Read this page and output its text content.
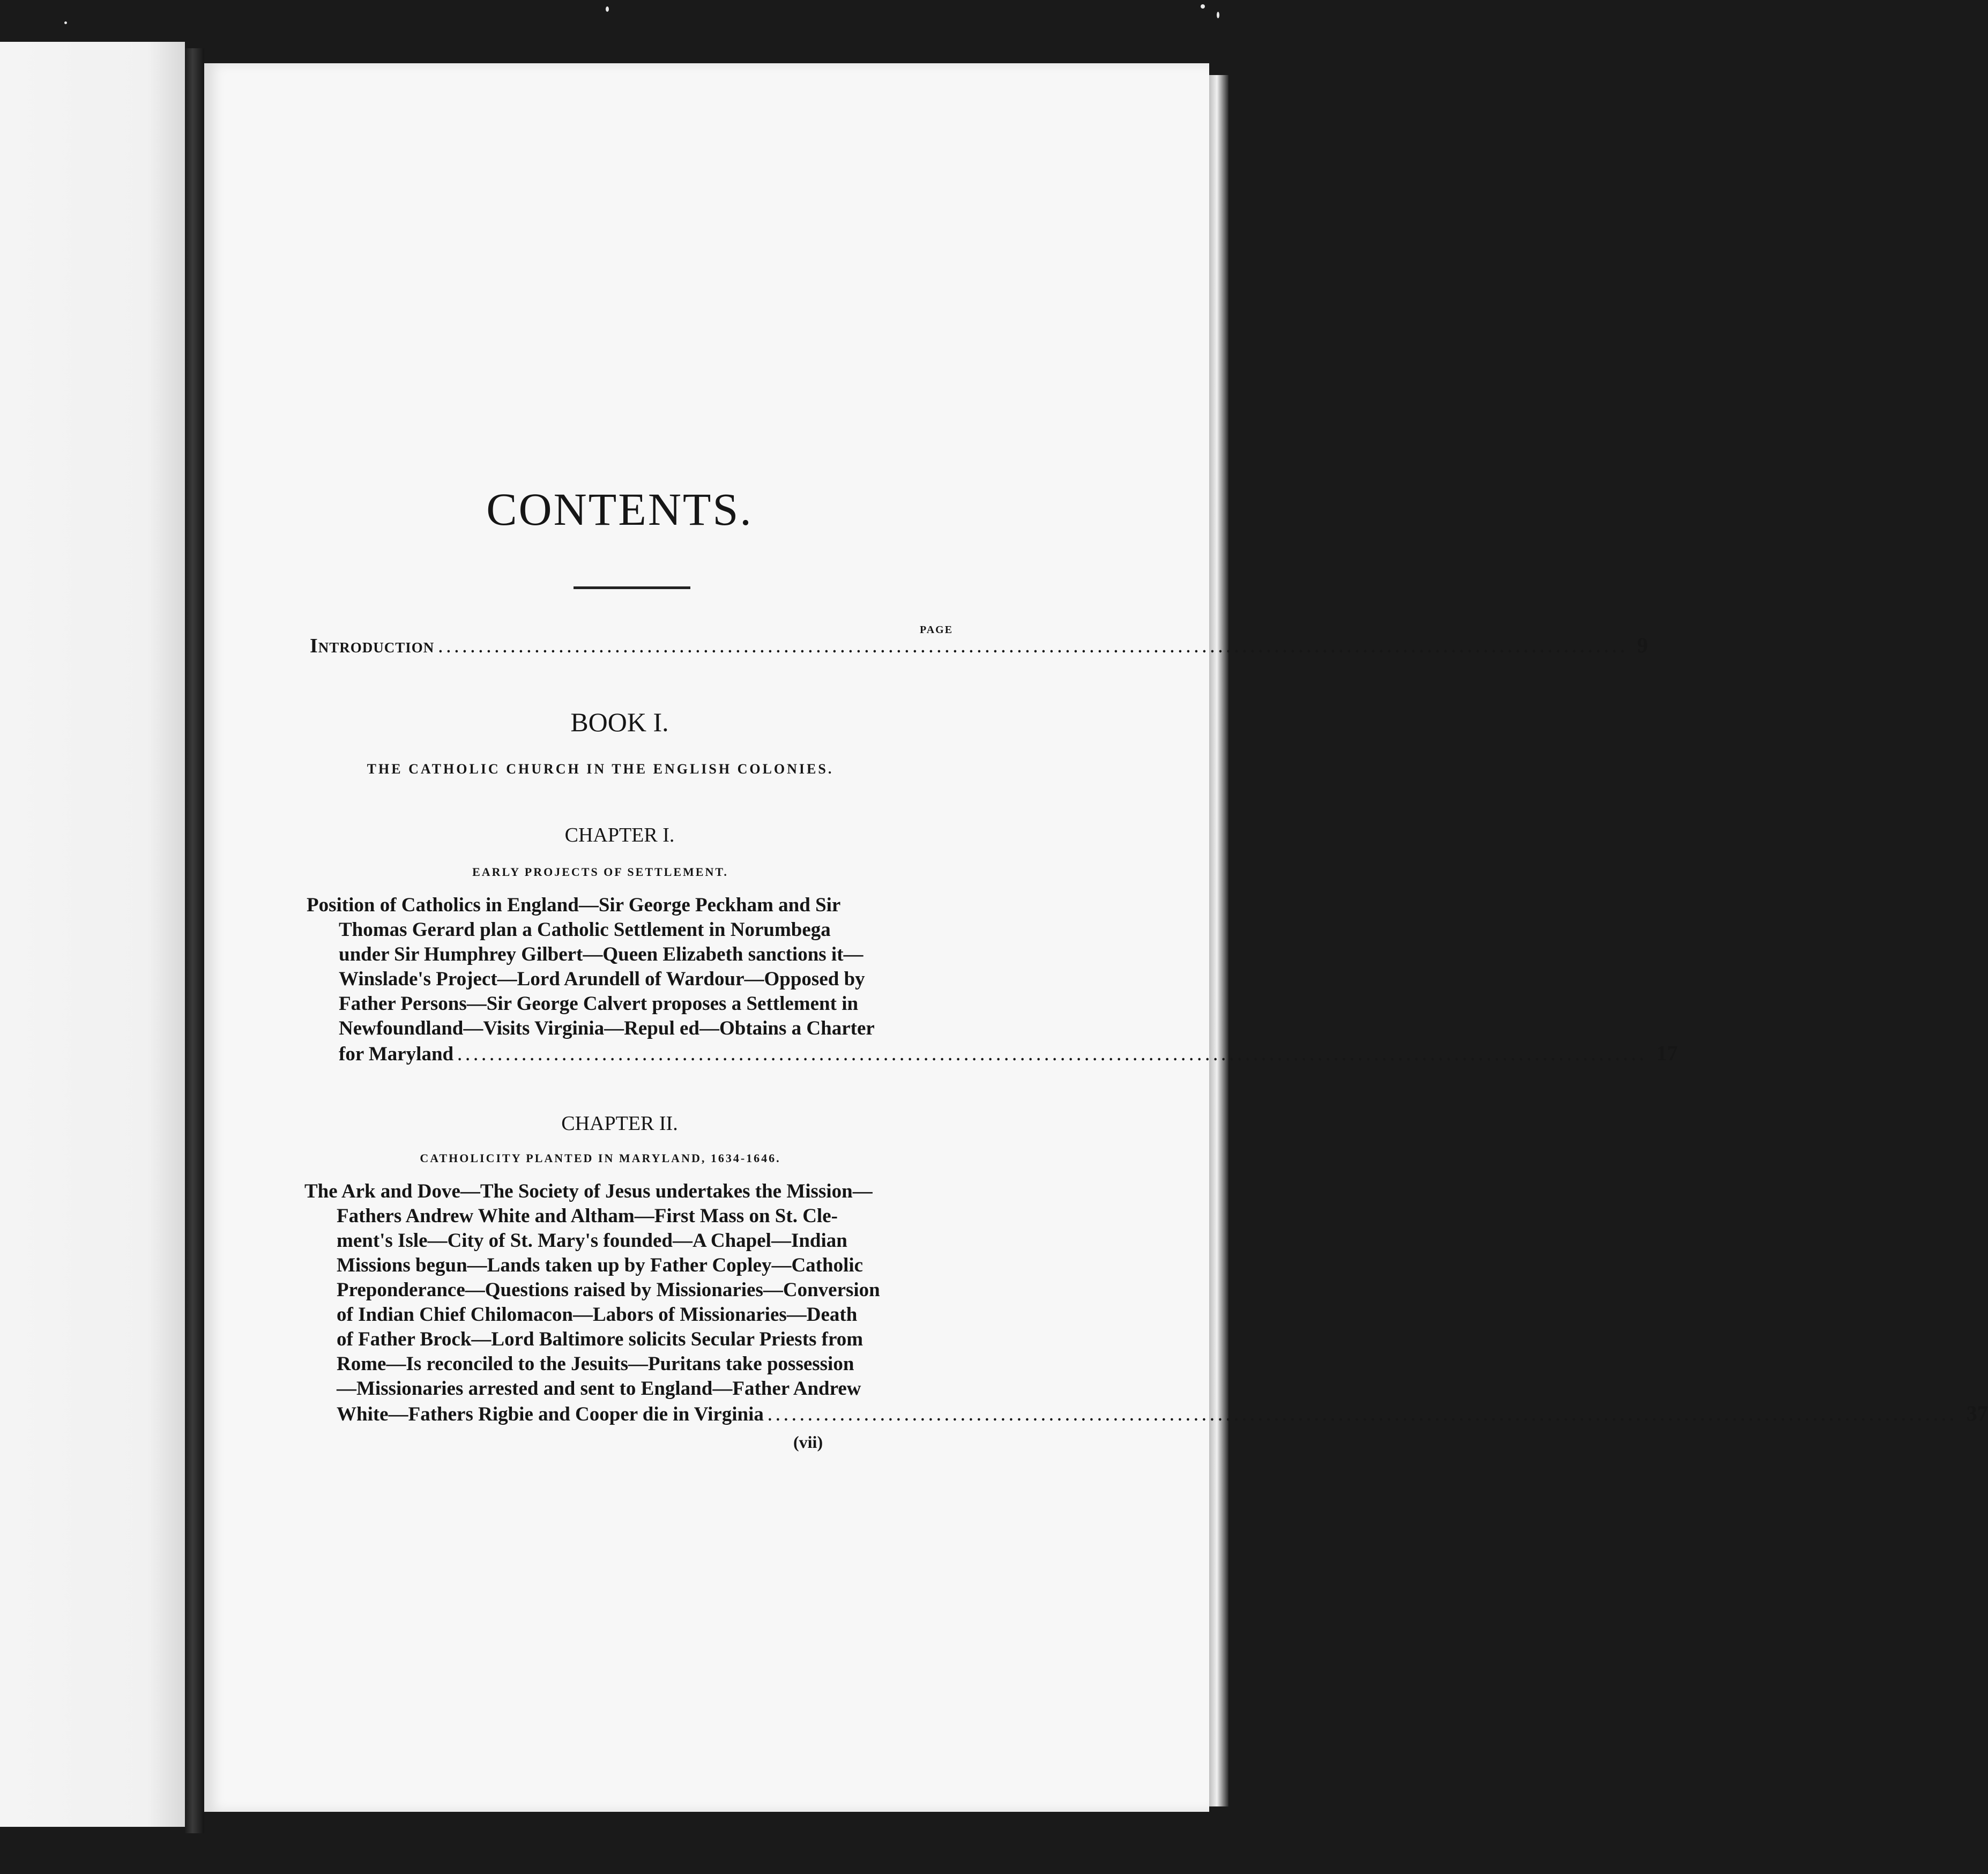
CONTENTS.
PAGE
Introduction .................................................................................................................................................... 9
BOOK I.
THE CATHOLIC CHURCH IN THE ENGLISH COLONIES.
CHAPTER I.
EARLY PROJECTS OF SETTLEMENT.
Position of Catholics in England—Sir George Peckham and Sir
Thomas Gerard plan a Catholic Settlement in Norumbega
under Sir Humphrey Gilbert—Queen Elizabeth sanctions it—
Winslade's Project—Lord Arundell of Wardour—Opposed by
Father Persons—Sir George Calvert proposes a Settlement in
Newfoundland—Visits Virginia—Repul ed—Obtains a Charter
for Maryland .................................................................................................................................................... 17
CHAPTER II.
CATHOLICITY PLANTED IN MARYLAND, 1634-1646.
The Ark and Dove—The Society of Jesus undertakes the Mission—
Fathers Andrew White and Altham—First Mass on St. Cle-
ment's Isle—City of St. Mary's founded—A Chapel—Indian
Missions begun—Lands taken up by Father Copley—Catholic
Preponderance—Questions raised by Missionaries—Conversion
of Indian Chief Chilomacon—Labors of Missionaries—Death
of Father Brock—Lord Baltimore solicits Secular Priests from
Rome—Is reconciled to the Jesuits—Puritans take possession
—Missionaries arrested and sent to England—Father Andrew
White—Fathers Rigbie and Cooper die in Virginia .................................................................................................................................................... 37
(vii)
